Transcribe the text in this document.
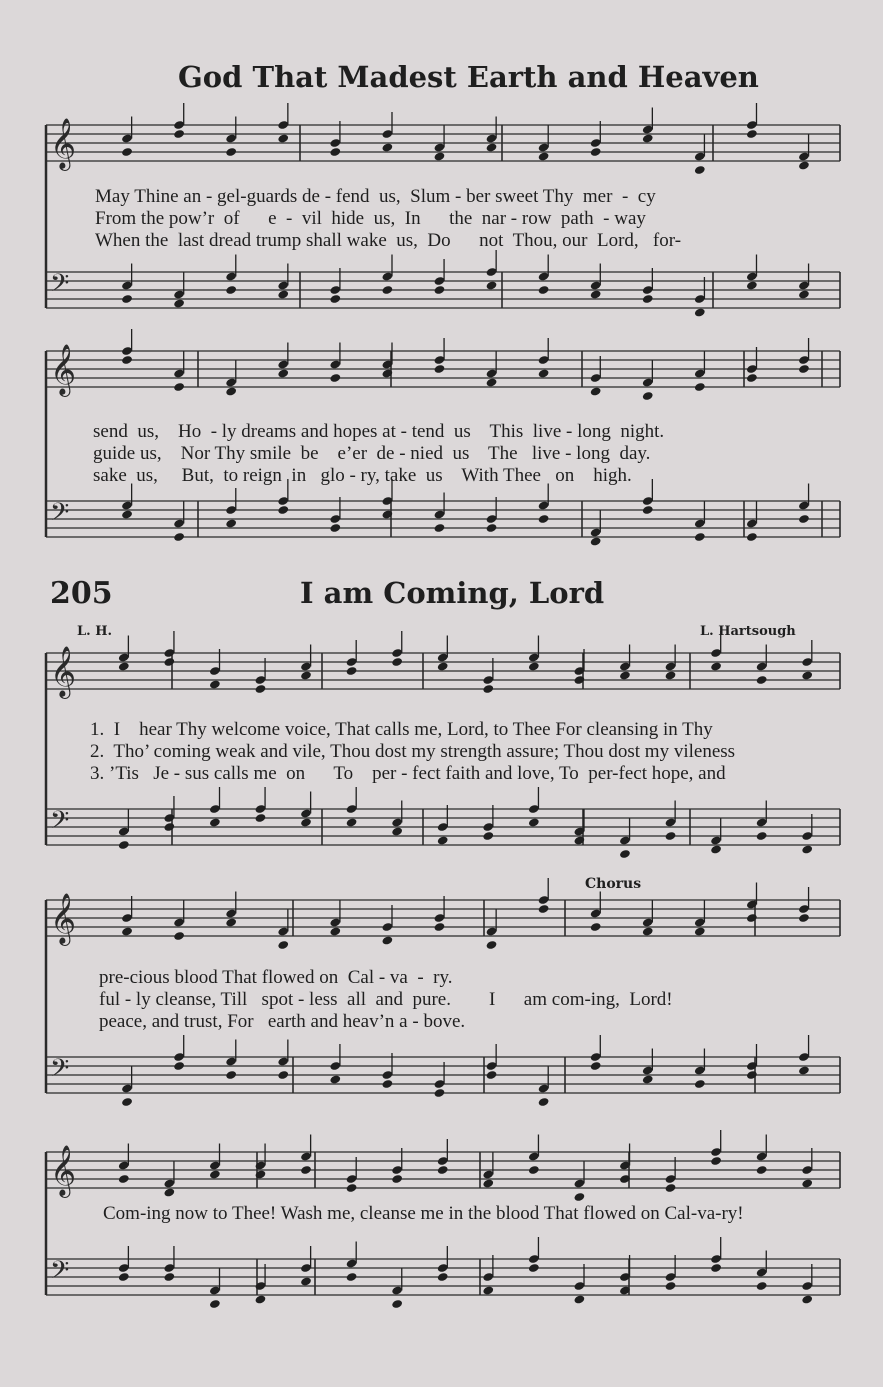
God That Madest Earth and Heaven
205	I am Coming, Lord
L. H.	L. Hartsough
Chorus
May Thine an - gel-guards de - fend  us,  Slum - ber sweet Thy  mer  -  cy
From the pow’r  of      e  -  vil  hide  us,  In      the  nar - row  path  - way
When the  last dread trump shall wake  us,  Do      not  Thou, our  Lord,   for-
send  us,    Ho  - ly dreams and hopes at - tend  us    This  live - long  night.
guide us,    Nor Thy smile  be    e’er  de - nied  us    The   live - long  day.
sake  us,     But,  to reign  in   glo - ry, take  us    With Thee   on    high.
1.  I    hear Thy welcome voice, That calls me, Lord, to Thee For cleansing in Thy
2.  Tho’ coming weak and vile, Thou dost my strength assure; Thou dost my vileness
3. ’Tis   Je - sus calls me  on      To    per - fect faith and love, To  per-fect hope, and
pre-cious blood That flowed on  Cal - va  -  ry.
ful - ly cleanse, Till   spot - less  all  and  pure.        I      am com-ing,  Lord!
peace, and trust, For   earth and heav’n a - bove.
Com-ing now to Thee! Wash me, cleanse me in the blood That flowed on Cal-va-ry!
𝄞
𝄢
𝄞
𝄢
𝄞
𝄢
𝄞
𝄢
𝄞
𝄢
